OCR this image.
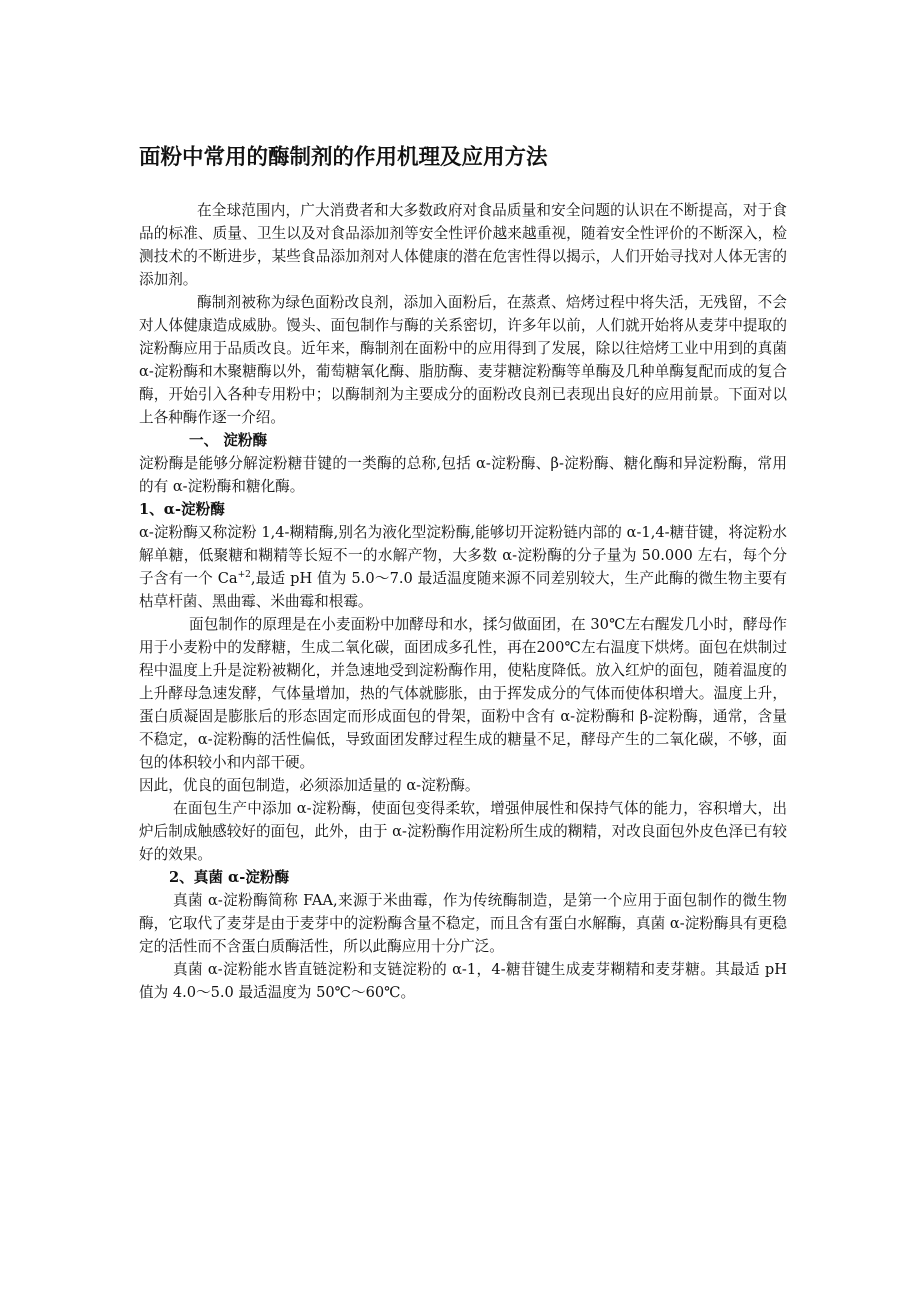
面粉中常用的酶制剂的作用机理及应用方法

在全球范围内，广大消费者和大多数政府对食品质量和安全问题的认识在不断提高，对于食品的标准、质量、卫生以及对食品添加剂等安全性评价越来越重视，随着安全性评价的不断深入，检测技术的不断进步，某些食品添加剂对人体健康的潜在危害性得以揭示，人们开始寻找对人体无害的添加剂。

酶制剂被称为绿色面粉改良剂，添加入面粉后，在蒸煮、焙烤过程中将失活，无残留，不会对人体健康造成威胁。馒头、面包制作与酶的关系密切，许多年以前，人们就开始将从麦芽中提取的淀粉酶应用于品质改良。近年来，酶制剂在面粉中的应用得到了发展，除以往焙烤工业中用到的真菌 α-淀粉酶和木聚糖酶以外，葡萄糖氧化酶、脂肪酶、麦芽糖淀粉酶等单酶及几种单酶复配而成的复合酶，开始引入各种专用粉中；以酶制剂为主要成分的面粉改良剂已表现出良好的应用前景。下面对以上各种酶作逐一介绍。

一、 淀粉酶

淀粉酶是能够分解淀粉糖苷键的一类酶的总称,包括 α-淀粉酶、β-淀粉酶、糖化酶和异淀粉酶，常用的有 α-淀粉酶和糖化酶。

1、α-淀粉酶

α-淀粉酶又称淀粉 1,4-糊精酶,别名为液化型淀粉酶,能够切开淀粉链内部的 α-1,4-糖苷键，将淀粉水解单糖，低聚糖和糊精等长短不一的水解产物，大多数 α-淀粉酶的分子量为 50.000 左右，每个分子含有一个 $Ca^{+2}$,最适 pH 值为 5.0～7.0 最适温度随来源不同差别较大，生产此酶的微生物主要有枯草杆菌、黑曲霉、米曲霉和根霉。

面包制作的原理是在小麦面粉中加酵母和水，揉匀做面团，在 30℃左右醒发几小时，酵母作用于小麦粉中的发酵糖，生成二氧化碳，面团成多孔性，再在200℃左右温度下烘烤。面包在烘制过程中温度上升是淀粉被糊化，并急速地受到淀粉酶作用，使粘度降低。放入红炉的面包，随着温度的上升酵母急速发酵，气体量增加，热的气体就膨胀，由于挥发成分的气体而使体积增大。温度上升，蛋白质凝固是膨胀后的形态固定而形成面包的骨架，面粉中含有 α-淀粉酶和 β-淀粉酶，通常，含量不稳定，α-淀粉酶的活性偏低，导致面团发酵过程生成的糖量不足，酵母产生的二氧化碳，不够，面包的体积较小和内部干硬。

因此，优良的面包制造，必须添加适量的 α-淀粉酶。

在面包生产中添加 α-淀粉酶，使面包变得柔软，增强伸展性和保持气体的能力，容积增大，出炉后制成触感较好的面包，此外，由于 α-淀粉酶作用淀粉所生成的糊精，对改良面包外皮色泽已有较好的效果。

2、真菌 α-淀粉酶

真菌 α-淀粉酶简称 FAA,来源于米曲霉，作为传统酶制造，是第一个应用于面包制作的微生物酶，它取代了麦芽是由于麦芽中的淀粉酶含量不稳定，而且含有蛋白水解酶，真菌 α-淀粉酶具有更稳定的活性而不含蛋白质酶活性，所以此酶应用十分广泛。

真菌 α-淀粉能水皆直链淀粉和支链淀粉的 α-1，4-糖苷键生成麦芽糊精和麦芽糖。其最适 pH 值为 4.0～5.0 最适温度为 50℃～60℃。
